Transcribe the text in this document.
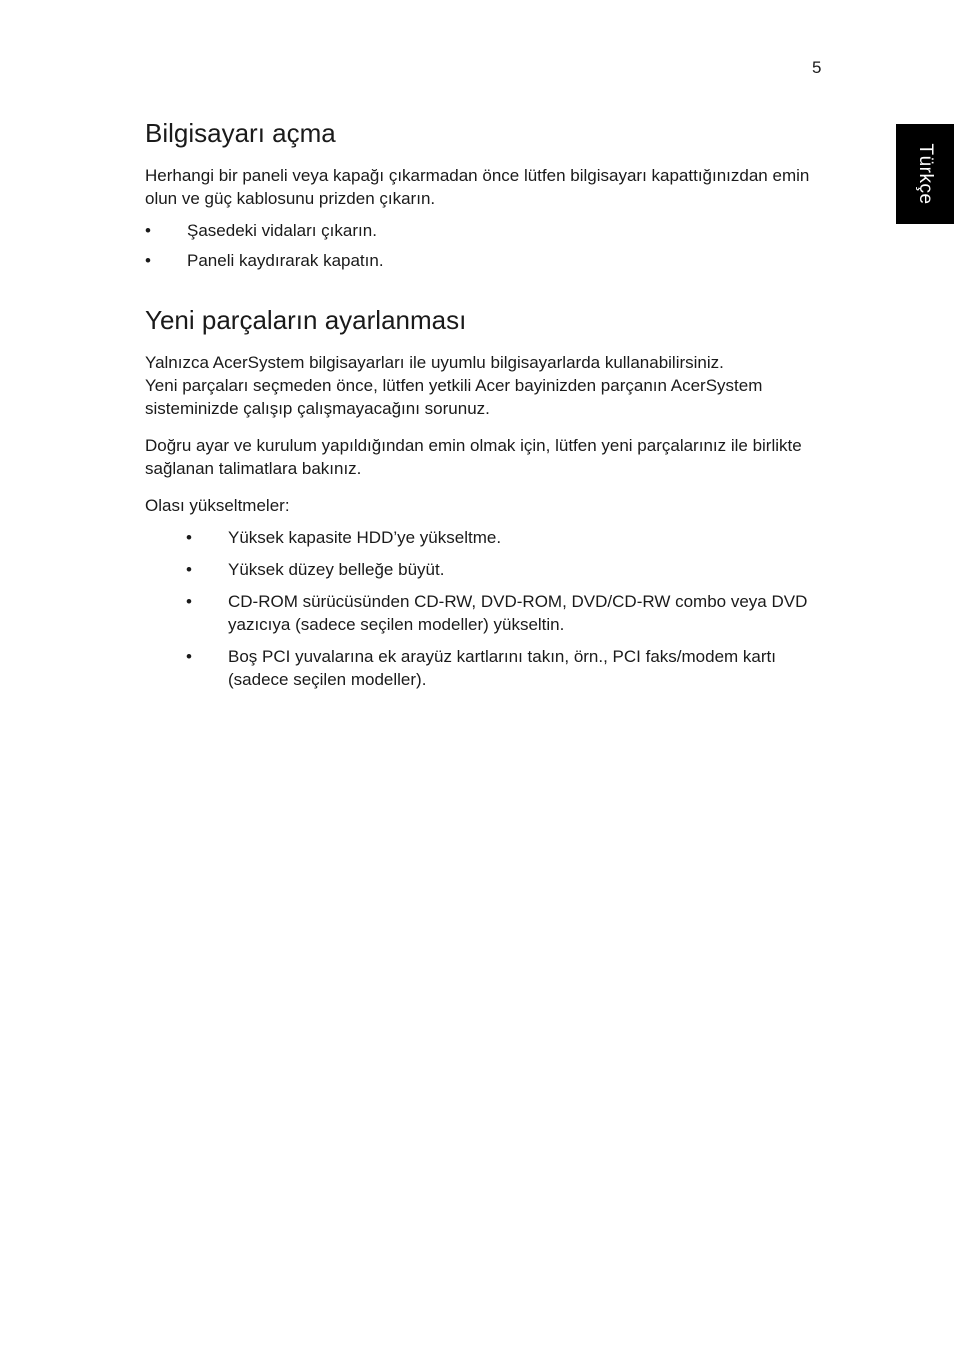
5
Türkçe
Bilgisayarı açma

Herhangi bir paneli veya kapağı çıkarmadan önce lütfen bilgisayarı kapattığınızdan emin olun ve güç kablosunu prizden çıkarın.

• Şasedeki vidaları çıkarın.
• Paneli kaydırarak kapatın.
Yeni parçaların ayarlanması
Yalnızca AcerSystem bilgisayarları ile uyumlu bilgisayarlarda kullanabilirsiniz.
Yeni parçaları seçmeden önce, lütfen yetkili Acer bayinizden parçanın AcerSystem sisteminizde çalışıp çalışmayacağını sorunuz.

Doğru ayar ve kurulum yapıldığından emin olmak için, lütfen yeni parçalarınız ile birlikte sağlanan talimatlara bakınız.

Olası yükseltmeler:

• Yüksek kapasite HDD’ye yükseltme.
• Yüksek düzey belleğe büyüt.
• CD-ROM sürücüsünden CD-RW, DVD-ROM, DVD/CD-RW combo veya DVD yazıcıya (sadece seçilen modeller) yükseltin.
• Boş PCI yuvalarına ek arayüz kartlarını takın, örn., PCI faks/modem kartı (sadece seçilen modeller).
